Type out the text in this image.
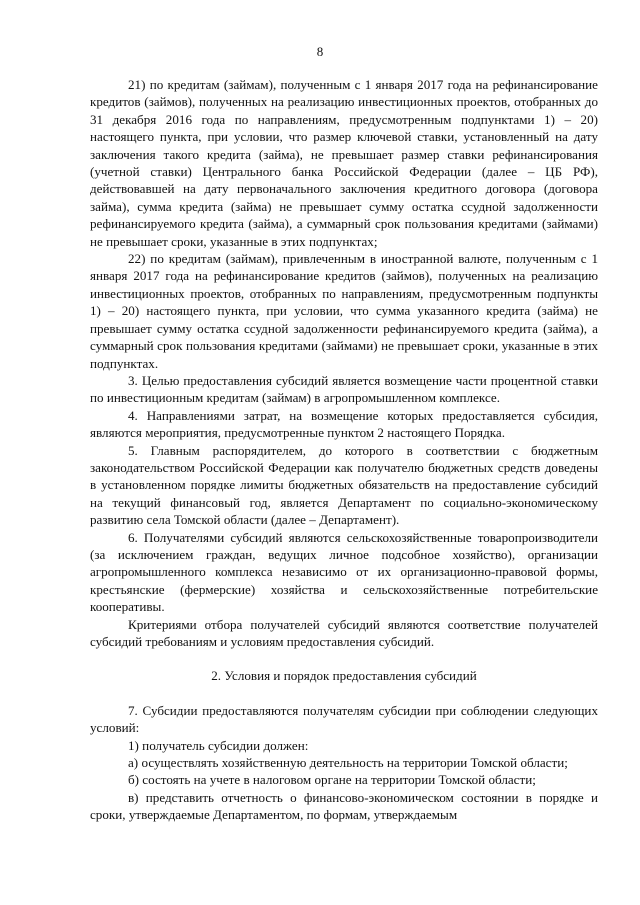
8

21) по кредитам (займам), полученным с 1 января 2017 года на рефинансирование кредитов (займов), полученных на реализацию инвестиционных проектов, отобранных до 31 декабря 2016 года по направлениям, предусмотренным подпунктами 1) – 20) настоящего пункта, при условии, что размер ключевой ставки, установленный на дату заключения такого кредита (займа), не превышает размер ставки рефинансирования (учетной ставки) Центрального банка Российской Федерации (далее – ЦБ РФ), действовавшей на дату первоначального заключения кредитного договора (договора займа), сумма кредита (займа) не превышает сумму остатка ссудной задолженности рефинансируемого кредита (займа), а суммарный срок пользования кредитами (займами) не превышает сроки, указанные в этих подпунктах;

22) по кредитам (займам), привлеченным в иностранной валюте, полученным с 1 января 2017 года на рефинансирование кредитов (займов), полученных на реализацию инвестиционных проектов, отобранных по направлениям, предусмотренным подпункты 1) – 20) настоящего пункта, при условии, что сумма указанного кредита (займа) не превышает сумму остатка ссудной задолженности рефинансируемого кредита (займа), а суммарный срок пользования кредитами (займами) не превышает сроки, указанные в этих подпунктах.

3. Целью предоставления субсидий является возмещение части процентной ставки по инвестиционным кредитам (займам) в агропромышленном комплексе.

4. Направлениями затрат, на возмещение которых предоставляется субсидия, являются мероприятия, предусмотренные пунктом 2 настоящего Порядка.

5. Главным распорядителем, до которого в соответствии с бюджетным законодательством Российской Федерации как получателю бюджетных средств доведены в установленном порядке лимиты бюджетных обязательств на предоставление субсидий на текущий финансовый год, является Департамент по социально-экономическому развитию села Томской области (далее – Департамент).

6. Получателями субсидий являются сельскохозяйственные товаропроизводители (за исключением граждан, ведущих личное подсобное хозяйство), организации агропромышленного комплекса независимо от их организационно-правовой формы, крестьянские (фермерские) хозяйства и сельскохозяйственные потребительские кооперативы.

Критериями отбора получателей субсидий являются соответствие получателей субсидий требованиям и условиям предоставления субсидий.

2. Условия и порядок предоставления субсидий

7. Субсидии предоставляются получателям субсидии при соблюдении следующих условий:

1) получатель субсидии должен:

а) осуществлять хозяйственную деятельность на территории Томской области;

б) состоять на учете в налоговом органе на территории Томской области;

в) представить отчетность о финансово-экономическом состоянии в порядке и сроки, утверждаемые Департаментом, по формам, утверждаемым
